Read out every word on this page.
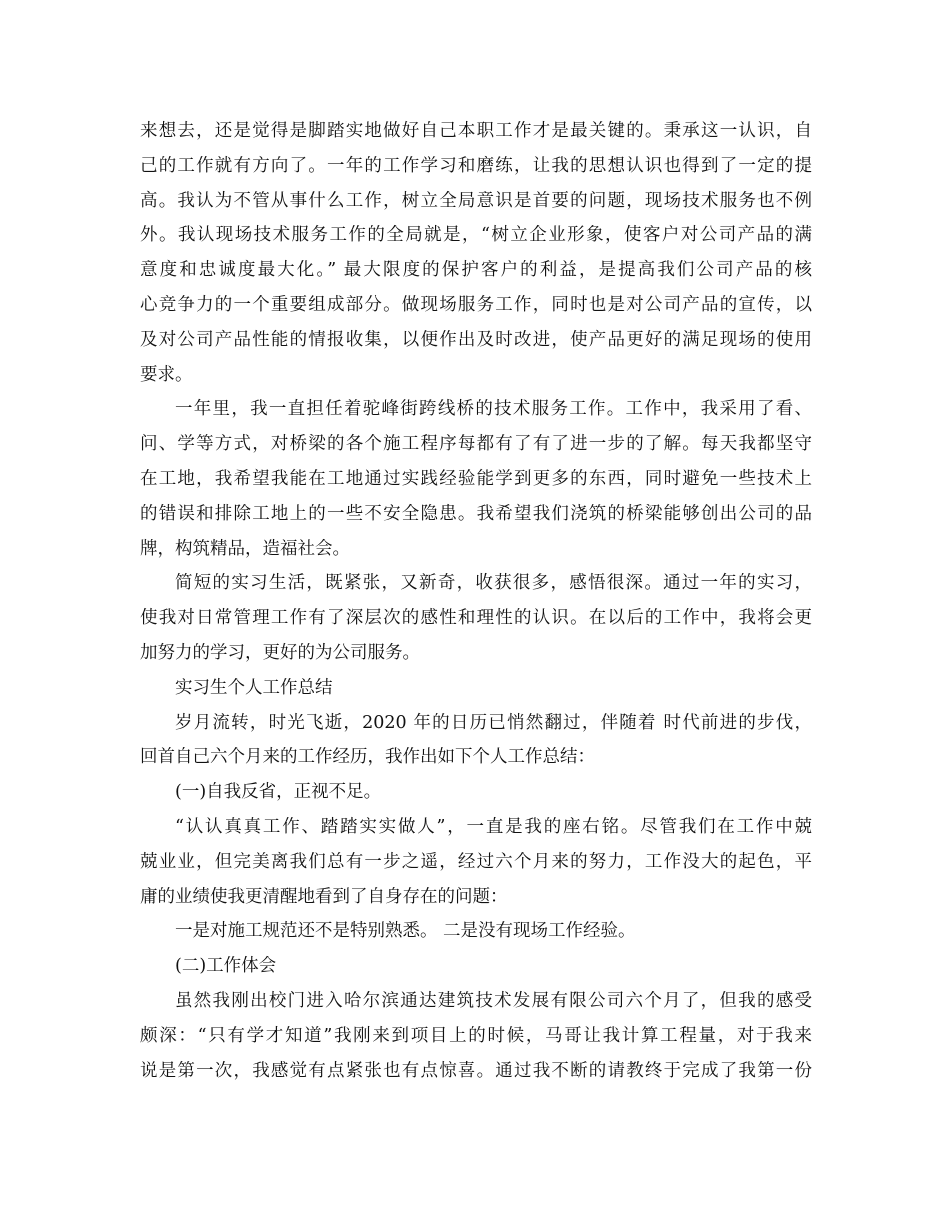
来想去，还是觉得是脚踏实地做好自己本职工作才是最关键的。秉承这一认识，自
己的工作就有方向了。一年的工作学习和磨练，让我的思想认识也得到了一定的提
高。我认为不管从事什么工作，树立全局意识是首要的问题，现场技术服务也不例
外。我认现场技术服务工作的全局就是，“树立企业形象，使客户对公司产品的满
意度和忠诚度最大化。” 最大限度的保护客户的利益，是提高我们公司产品的核
心竞争力的一个重要组成部分。做现场服务工作，同时也是对公司产品的宣传，以
及对公司产品性能的情报收集，以便作出及时改进，使产品更好的满足现场的使用
要求。

一年里，我一直担任着驼峰街跨线桥的技术服务工作。工作中，我采用了看、
问、学等方式，对桥梁的各个施工程序每都有了有了进一步的了解。每天我都坚守
在工地，我希望我能在工地通过实践经验能学到更多的东西，同时避免一些技术上
的错误和排除工地上的一些不安全隐患。我希望我们浇筑的桥梁能够创出公司的品
牌，构筑精品，造福社会。

简短的实习生活，既紧张，又新奇，收获很多，感悟很深。通过一年的实习，
使我对日常管理工作有了深层次的感性和理性的认识。在以后的工作中，我将会更
加努力的学习，更好的为公司服务。

实习生个人工作总结

岁月流转，时光飞逝，2020 年的日历已悄然翻过，伴随着 时代前进的步伐，
回首自己六个月来的工作经历，我作出如下个人工作总结：

(一)自我反省，正视不足。

“认认真真工作、踏踏实实做人”，一直是我的座右铭。尽管我们在工作中兢
兢业业，但完美离我们总有一步之遥，经过六个月来的努力，工作没大的起色，平
庸的业绩使我更清醒地看到了自身存在的问题：

一是对施工规范还不是特别熟悉。 二是没有现场工作经验。

(二)工作体会

虽然我刚出校门进入哈尔滨通达建筑技术发展有限公司六个月了，但我的感受
颇深：“只有学才知道”我刚来到项目上的时候，马哥让我计算工程量，对于我来
说是第一次，我感觉有点紧张也有点惊喜。通过我不断的请教终于完成了我第一份
